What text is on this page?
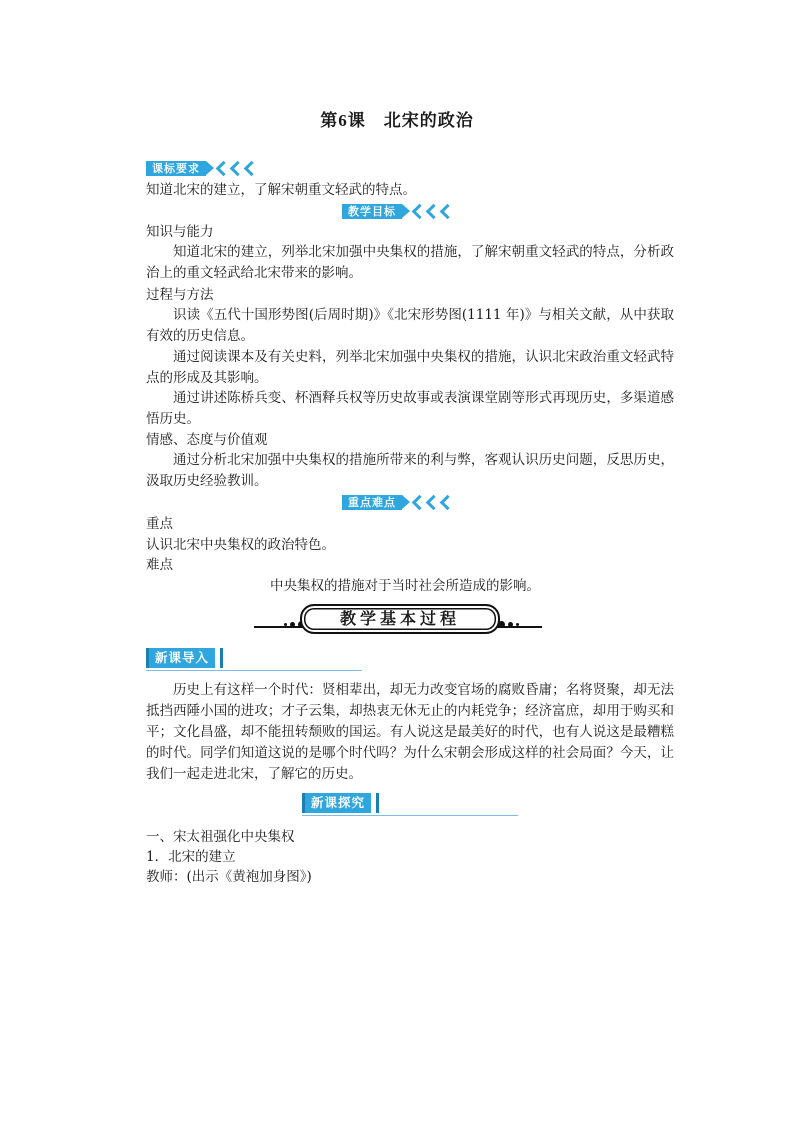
第6课　北宋的政治
课标要求
知道北宋的建立，了解宋朝重文轻武的特点。
教学目标
知识与能力
知道北宋的建立，列举北宋加强中央集权的措施，了解宋朝重文轻武的特点，分析政治上的重文轻武给北宋带来的影响。
过程与方法
识读《五代十国形势图(后周时期)》《北宋形势图(1111 年)》与相关文献，从中获取有效的历史信息。
通过阅读课本及有关史料，列举北宋加强中央集权的措施，认识北宋政治重文轻武特点的形成及其影响。
通过讲述陈桥兵变、杯酒释兵权等历史故事或表演课堂剧等形式再现历史，多渠道感悟历史。
情感、态度与价值观
通过分析北宋加强中央集权的措施所带来的利与弊，客观认识历史问题，反思历史，汲取历史经验教训。
重点难点
重点
认识北宋中央集权的政治特色。
难点
中央集权的措施对于当时社会所造成的影响。
教学基本过程
新课导入
历史上有这样一个时代：贤相辈出，却无力改变官场的腐败昏庸；名将贤聚，却无法抵挡西陲小国的进攻；才子云集，却热衷无休无止的内耗党争；经济富庶，却用于购买和平；文化昌盛，却不能扭转颓败的国运。有人说这是最美好的时代，也有人说这是最糟糕的时代。同学们知道这说的是哪个时代吗？为什么宋朝会形成这样的社会局面？今天，让我们一起走进北宋，了解它的历史。
新课探究
一、宋太祖强化中央集权
1．北宋的建立
教师：(出示《黄袍加身图》)
